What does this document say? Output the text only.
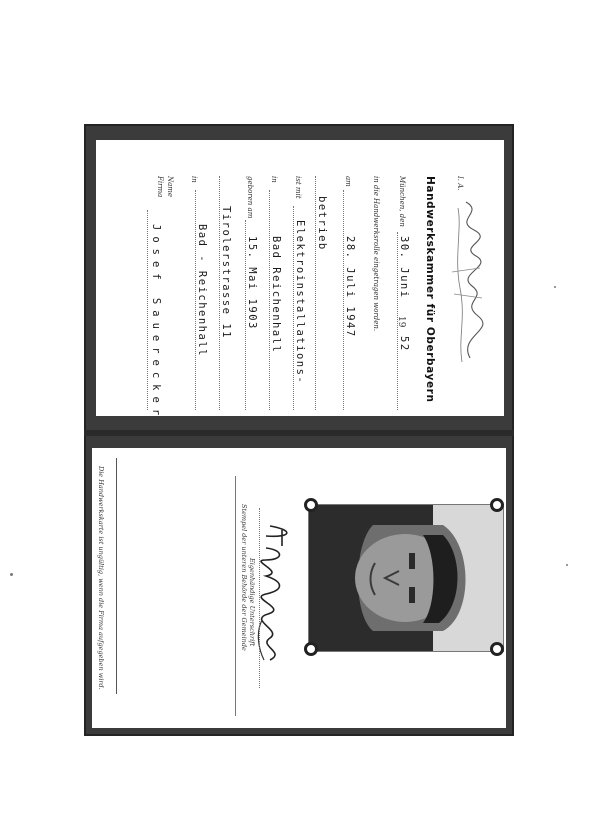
Name
Firma
Josef Sauerecker
in
Bad - Reichenhall Tirolerstrasse 11
geboren am
15. Mai 1903
in
Bad Reichenhall
ist mit
Elektroinstallations- betrieb
am
28. Juli 1947 in die Handwerksrolle eingetragen worden.	München, den
30. Juni
19
52 Handwerkskammer für Oberbayern	I. A.
Eigenhändige Unterschrift
Stempel der unteren Behörde der Gemeinde
Die Handwerkskarte ist ungültig, wenn die Firma aufgegeben wird.
